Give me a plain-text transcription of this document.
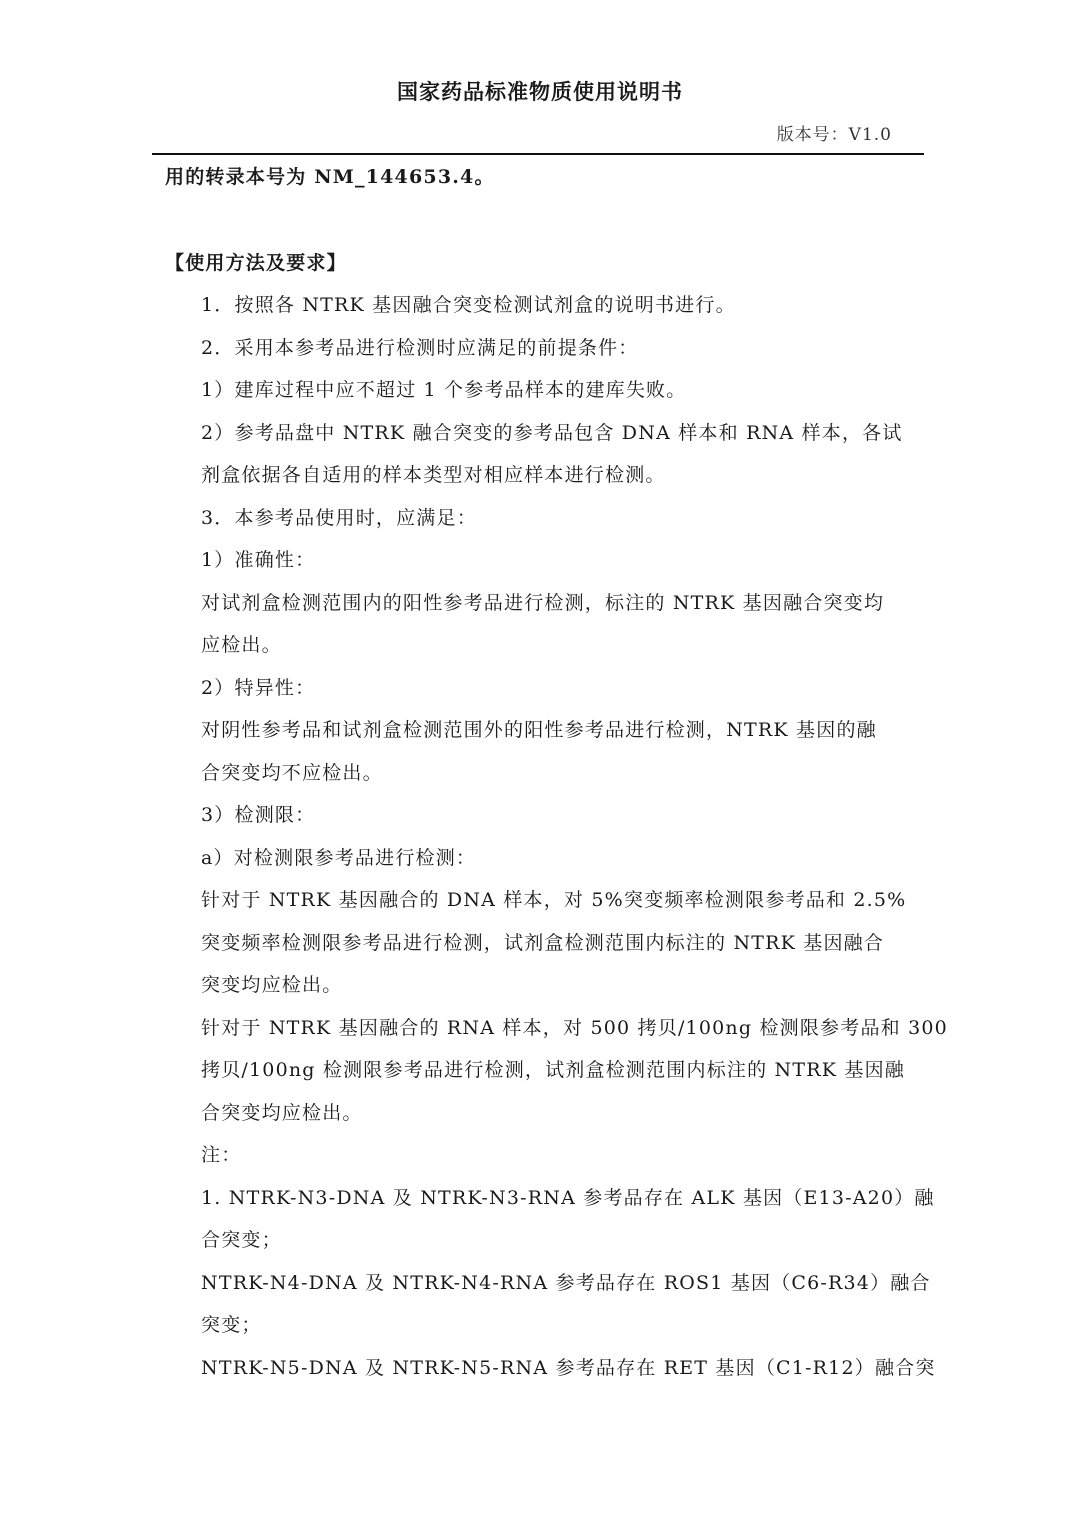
国家药品标准物质使用说明书
版本号：V1.0
用的转录本号为 NM_144653.4。
【使用方法及要求】
1．按照各 NTRK 基因融合突变检测试剂盒的说明书进行。
2．采用本参考品进行检测时应满足的前提条件：
1）建库过程中应不超过 1 个参考品样本的建库失败。
2）参考品盘中 NTRK 融合突变的参考品包含 DNA 样本和 RNA 样本，各试
剂盒依据各自适用的样本类型对相应样本进行检测。
3．本参考品使用时，应满足：
1）准确性：
对试剂盒检测范围内的阳性参考品进行检测，标注的 NTRK 基因融合突变均
应检出。
2）特异性：
对阴性参考品和试剂盒检测范围外的阳性参考品进行检测，NTRK 基因的融
合突变均不应检出。
3）检测限：
a）对检测限参考品进行检测：
针对于 NTRK 基因融合的 DNA 样本，对 5%突变频率检测限参考品和 2.5%
突变频率检测限参考品进行检测，试剂盒检测范围内标注的 NTRK 基因融合
突变均应检出。
针对于 NTRK 基因融合的 RNA 样本，对 500 拷贝/100ng 检测限参考品和 300
拷贝/100ng 检测限参考品进行检测，试剂盒检测范围内标注的 NTRK 基因融
合突变均应检出。
注：
1. NTRK-N3-DNA 及 NTRK-N3-RNA 参考品存在 ALK 基因（E13-A20）融
合突变；
NTRK-N4-DNA 及 NTRK-N4-RNA 参考品存在 ROS1 基因（C6-R34）融合
突变；
NTRK-N5-DNA 及 NTRK-N5-RNA 参考品存在 RET 基因（C1-R12）融合突
